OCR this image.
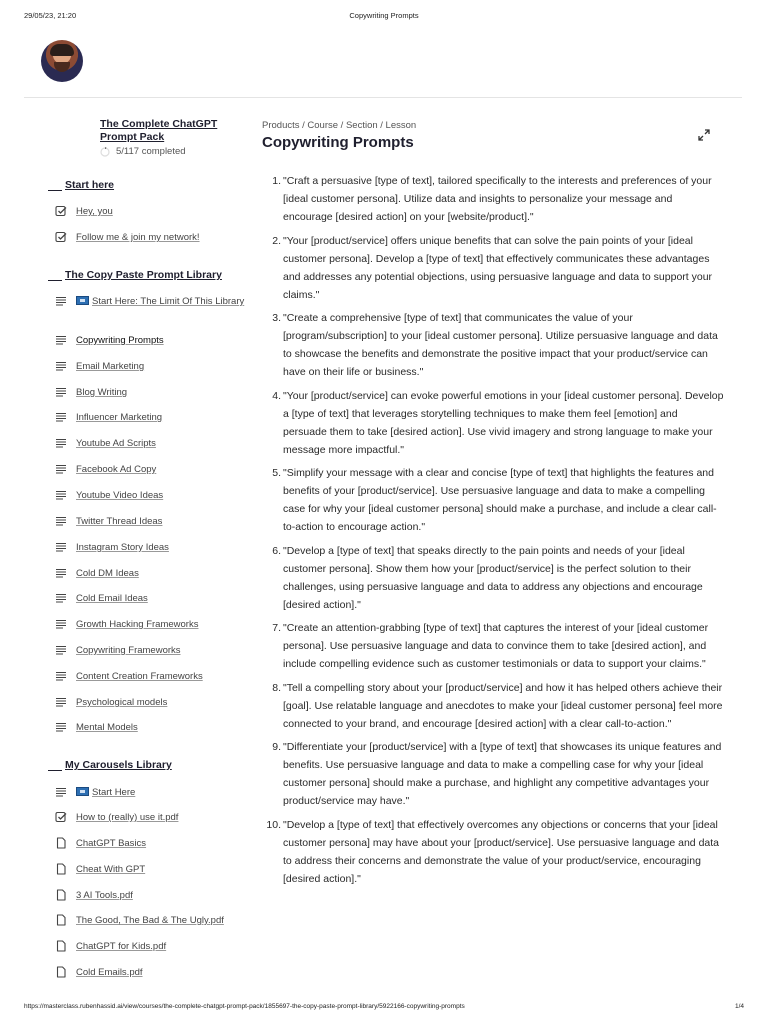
29/05/23, 21:20	Copywriting Prompts
The Complete ChatGPT Prompt Pack
5/117 completed
Start here
Hey, you
Follow me & join my network!
The Copy Paste Prompt Library
Start Here: The Limit Of This Library
Copywriting Prompts
Email Marketing
Blog Writing
Influencer Marketing
Youtube Ad Scripts
Facebook Ad Copy
Youtube Video Ideas
Twitter Thread Ideas
Instagram Story Ideas
Cold DM Ideas
Cold Email Ideas
Growth Hacking Frameworks
Copywriting Frameworks
Content Creation Frameworks
Psychological models
Mental Models
My Carousels Library
Start Here
How to (really) use it.pdf
ChatGPT Basics
Cheat With GPT
3 AI Tools.pdf
The Good, The Bad & The Ugly.pdf
ChatGPT for Kids.pdf
Cold Emails.pdf
Products / Course / Section / Lesson
Copywriting Prompts
1. "Craft a persuasive [type of text], tailored specifically to the interests and preferences of your [ideal customer persona]. Utilize data and insights to personalize your message and encourage [desired action] on your [website/product]."
2. "Your [product/service] offers unique benefits that can solve the pain points of your [ideal customer persona]. Develop a [type of text] that effectively communicates these advantages and addresses any potential objections, using persuasive language and data to support your claims."
3. "Create a comprehensive [type of text] that communicates the value of your [program/subscription] to your [ideal customer persona]. Utilize persuasive language and data to showcase the benefits and demonstrate the positive impact that your product/service can have on their life or business."
4. "Your [product/service] can evoke powerful emotions in your [ideal customer persona]. Develop a [type of text] that leverages storytelling techniques to make them feel [emotion] and persuade them to take [desired action]. Use vivid imagery and strong language to make your message more impactful."
5. "Simplify your message with a clear and concise [type of text] that highlights the features and benefits of your [product/service]. Use persuasive language and data to make a compelling case for why your [ideal customer persona] should make a purchase, and include a clear call-to-action to encourage action."
6. "Develop a [type of text] that speaks directly to the pain points and needs of your [ideal customer persona]. Show them how your [product/service] is the perfect solution to their challenges, using persuasive language and data to address any objections and encourage [desired action]."
7. "Create an attention-grabbing [type of text] that captures the interest of your [ideal customer persona]. Use persuasive language and data to convince them to take [desired action], and include compelling evidence such as customer testimonials or data to support your claims."
8. "Tell a compelling story about your [product/service] and how it has helped others achieve their [goal]. Use relatable language and anecdotes to make your [ideal customer persona] feel more connected to your brand, and encourage [desired action] with a clear call-to-action."
9. "Differentiate your [product/service] with a [type of text] that showcases its unique features and benefits. Use persuasive language and data to make a compelling case for why your [ideal customer persona] should make a purchase, and highlight any competitive advantages your product/service may have."
10. "Develop a [type of text] that effectively overcomes any objections or concerns that your [ideal customer persona] may have about your [product/service]. Use persuasive language and data to address their concerns and demonstrate the value of your product/service, encouraging [desired action]."
https://masterclass.rubenhassid.ai/view/courses/the-complete-chatgpt-prompt-pack/1855697-the-copy-paste-prompt-library/5922166-copywriting-prompts	1/4
